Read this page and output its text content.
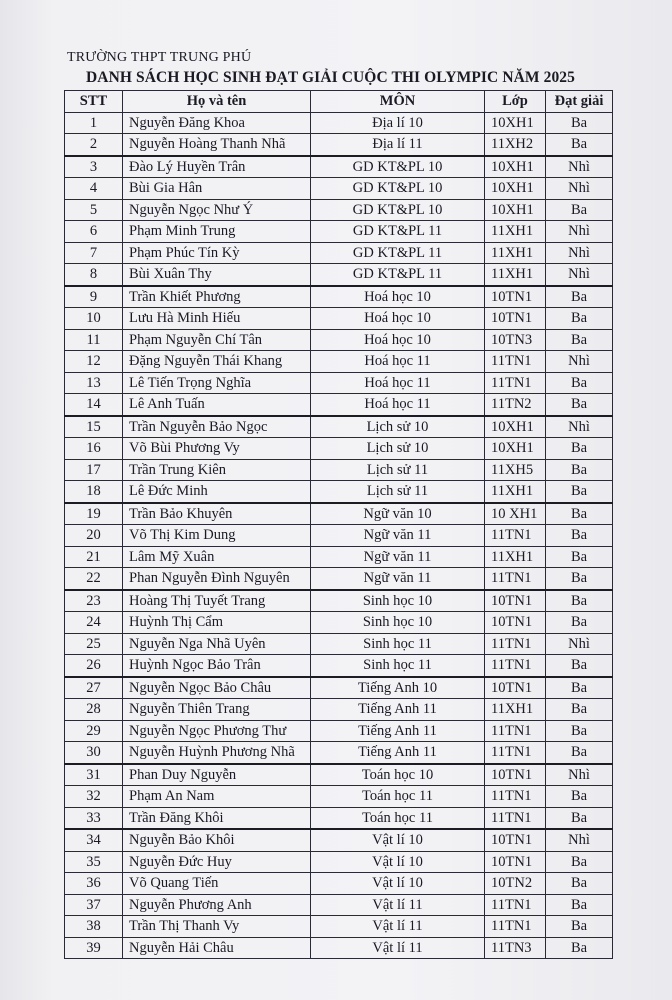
TRƯỜNG THPT TRUNG PHÚ
DANH SÁCH HỌC SINH ĐẠT GIẢI CUỘC THI OLYMPIC NĂM 2025
STT	Họ và tên	MÔN	Lớp	Đạt giải
1	Nguyễn Đăng Khoa	Địa lí 10	10XH1	Ba
2	Nguyễn Hoàng Thanh Nhã	Địa lí 11	11XH2	Ba
3	Đào Lý Huyền Trân	GD KT&PL 10	10XH1	Nhì
4	Bùi Gia Hân	GD KT&PL 10	10XH1	Nhì
5	Nguyễn Ngọc Như Ý	GD KT&PL 10	10XH1	Ba
6	Phạm Minh Trung	GD KT&PL 11	11XH1	Nhì
7	Phạm Phúc Tín Kỳ	GD KT&PL 11	11XH1	Nhì
8	Bùi Xuân Thy	GD KT&PL 11	11XH1	Nhì
9	Trần Khiết Phương	Hoá học 10	10TN1	Ba
10	Lưu Hà Minh Hiếu	Hoá học 10	10TN1	Ba
11	Phạm Nguyễn Chí Tân	Hoá học 10	10TN3	Ba
12	Đặng Nguyễn Thái Khang	Hoá học 11	11TN1	Nhì
13	Lê Tiến Trọng Nghĩa	Hoá học 11	11TN1	Ba
14	Lê Anh Tuấn	Hoá học 11	11TN2	Ba
15	Trần Nguyễn Bảo Ngọc	Lịch sử 10	10XH1	Nhì
16	Võ Bùi Phương Vy	Lịch sử 10	10XH1	Ba
17	Trần Trung Kiên	Lịch sử 11	11XH5	Ba
18	Lê Đức Minh	Lịch sử 11	11XH1	Ba
19	Trần Bảo Khuyên	Ngữ văn 10	10 XH1	Ba
20	Võ Thị Kim Dung	Ngữ văn 11	11TN1	Ba
21	Lâm Mỹ Xuân	Ngữ văn 11	11XH1	Ba
22	Phan Nguyễn Đình Nguyên	Ngữ văn 11	11TN1	Ba
23	Hoàng Thị Tuyết Trang	Sinh học 10	10TN1	Ba
24	Huỳnh Thị Cẩm	Sinh học 10	10TN1	Ba
25	Nguyễn Nga Nhã Uyên	Sinh học 11	11TN1	Nhì
26	Huỳnh Ngọc Bảo Trân	Sinh học 11	11TN1	Ba
27	Nguyễn Ngọc Bảo Châu	Tiếng Anh 10	10TN1	Ba
28	Nguyễn Thiên Trang	Tiếng Anh 11	11XH1	Ba
29	Nguyễn Ngọc Phương Thư	Tiếng Anh 11	11TN1	Ba
30	Nguyễn Huỳnh Phương Nhã	Tiếng Anh 11	11TN1	Ba
31	Phan Duy Nguyễn	Toán học 10	10TN1	Nhì
32	Phạm An Nam	Toán học 11	11TN1	Ba
33	Trần Đăng Khôi	Toán học 11	11TN1	Ba
34	Nguyễn Bảo Khôi	Vật lí 10	10TN1	Nhì
35	Nguyễn Đức Huy	Vật lí 10	10TN1	Ba
36	Võ Quang Tiến	Vật lí 10	10TN2	Ba
37	Nguyễn Phương Anh	Vật lí 11	11TN1	Ba
38	Trần Thị Thanh Vy	Vật lí 11	11TN1	Ba
39	Nguyễn Hải Châu	Vật lí 11	11TN3	Ba
